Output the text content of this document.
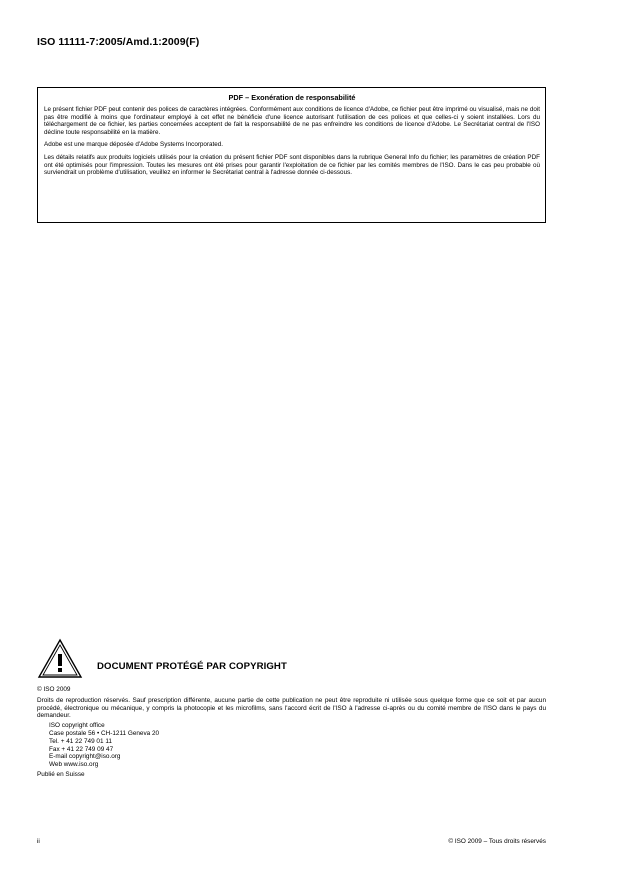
ISO 11111-7:2005/Amd.1:2009(F)
PDF – Exonération de responsabilité

Le présent fichier PDF peut contenir des polices de caractères intégrées. Conformément aux conditions de licence d'Adobe, ce fichier peut être imprimé ou visualisé, mais ne doit pas être modifié à moins que l'ordinateur employé à cet effet ne bénéficie d'une licence autorisant l'utilisation de ces polices et que celles-ci y soient installées. Lors du téléchargement de ce fichier, les parties concernées acceptent de fait la responsabilité de ne pas enfreindre les conditions de licence d'Adobe. Le Secrétariat central de l'ISO décline toute responsabilité en la matière.

Adobe est une marque déposée d'Adobe Systems Incorporated.

Les détails relatifs aux produits logiciels utilisés pour la création du présent fichier PDF sont disponibles dans la rubrique General Info du fichier; les paramètres de création PDF ont été optimisés pour l'impression. Toutes les mesures ont été prises pour garantir l'exploitation de ce fichier par les comités membres de l'ISO. Dans le cas peu probable où surviendrait un problème d'utilisation, veuillez en informer le Secrétariat central à l'adresse donnée ci-dessous.

DOCUMENT PROTÉGÉ PAR COPYRIGHT
© ISO 2009
Droits de reproduction réservés. Sauf prescription différente, aucune partie de cette publication ne peut être reproduite ni utilisée sous quelque forme que ce soit et par aucun procédé, électronique ou mécanique, y compris la photocopie et les microfilms, sans l'accord écrit de l'ISO à l'adresse ci-après ou du comité membre de l'ISO dans le pays du demandeur.
ISO copyright office
Case postale 56 • CH-1211 Geneva 20
Tel. + 41 22 749 01 11
Fax + 41 22 749 09 47
E-mail copyright@iso.org
Web www.iso.org
Publié en Suisse
ii	© ISO 2009 – Tous droits réservés
